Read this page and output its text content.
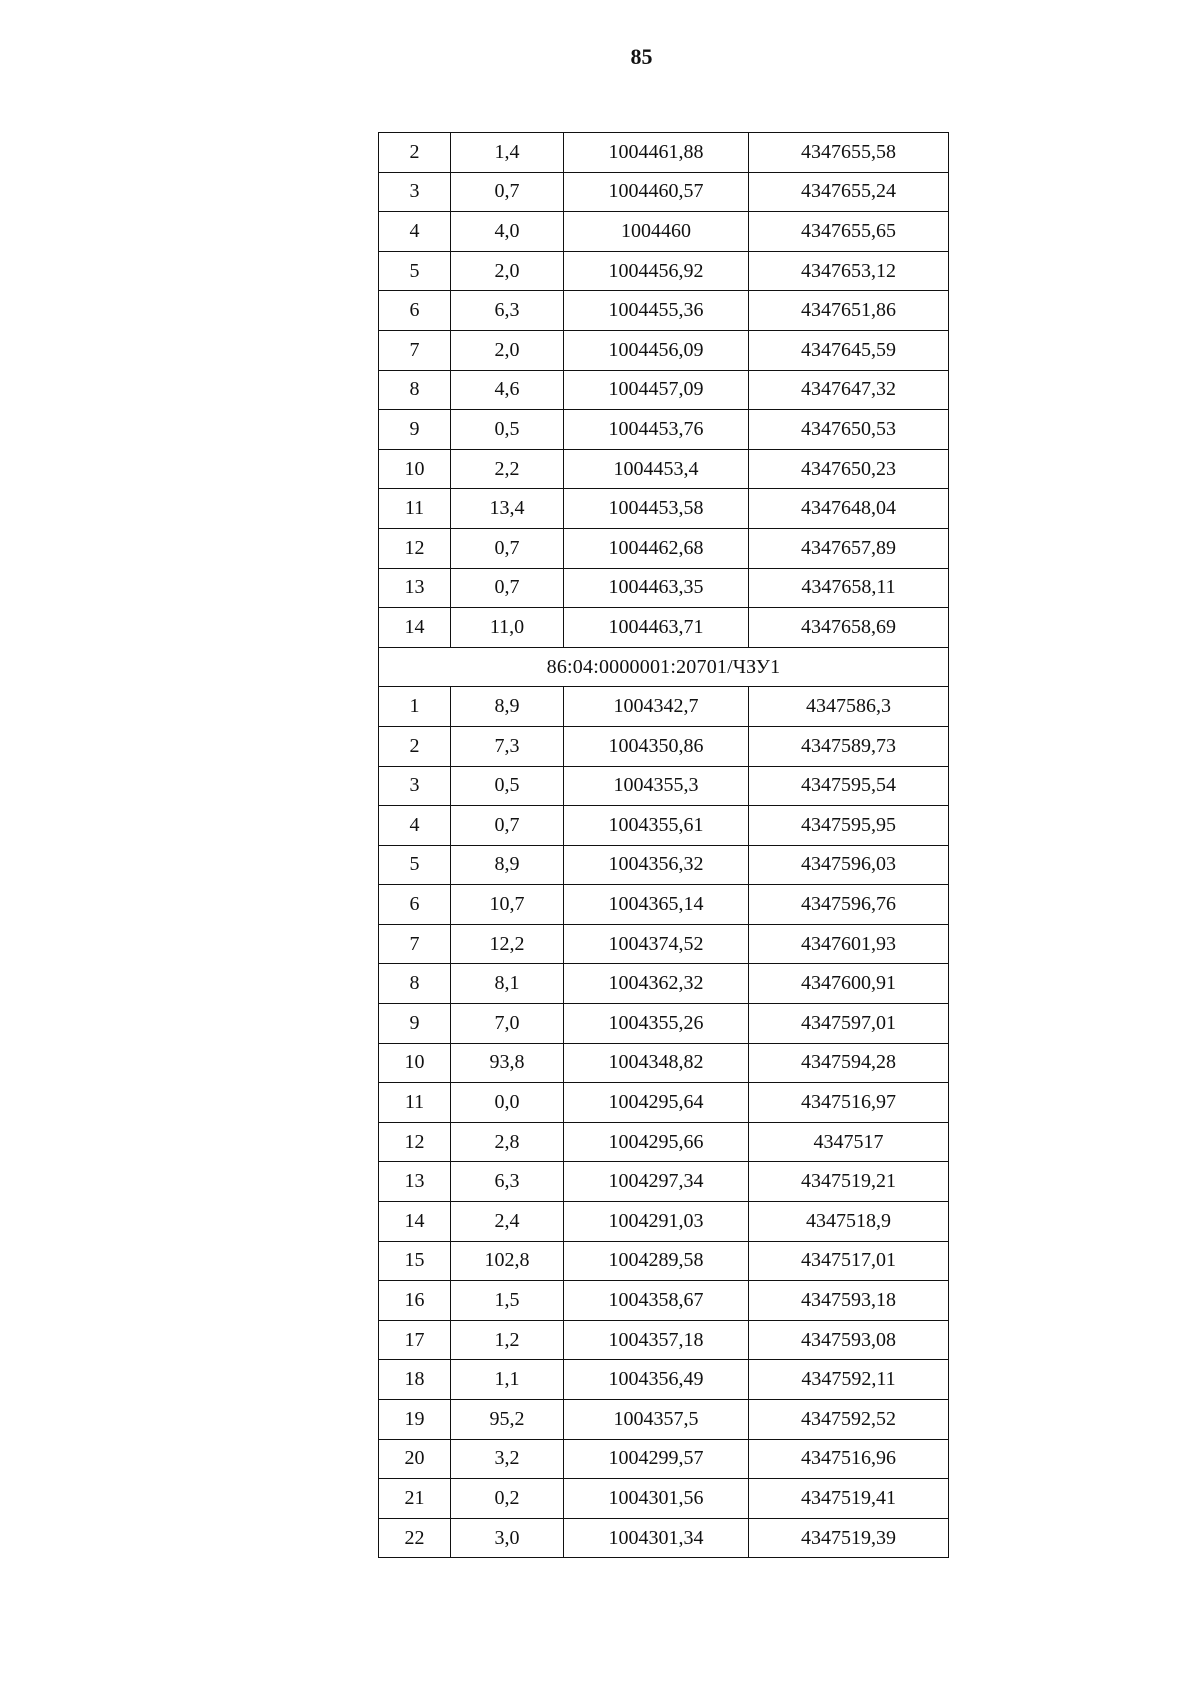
85
2	1,4	1004461,88	4347655,58
3	0,7	1004460,57	4347655,24
4	4,0	1004460	4347655,65
5	2,0	1004456,92	4347653,12
6	6,3	1004455,36	4347651,86
7	2,0	1004456,09	4347645,59
8	4,6	1004457,09	4347647,32
9	0,5	1004453,76	4347650,53
10	2,2	1004453,4	4347650,23
11	13,4	1004453,58	4347648,04
12	0,7	1004462,68	4347657,89
13	0,7	1004463,35	4347658,11
14	11,0	1004463,71	4347658,69
86:04:0000001:20701/ЧЗУ1			
1	8,9	1004342,7	4347586,3
2	7,3	1004350,86	4347589,73
3	0,5	1004355,3	4347595,54
4	0,7	1004355,61	4347595,95
5	8,9	1004356,32	4347596,03
6	10,7	1004365,14	4347596,76
7	12,2	1004374,52	4347601,93
8	8,1	1004362,32	4347600,91
9	7,0	1004355,26	4347597,01
10	93,8	1004348,82	4347594,28
11	0,0	1004295,64	4347516,97
12	2,8	1004295,66	4347517
13	6,3	1004297,34	4347519,21
14	2,4	1004291,03	4347518,9
15	102,8	1004289,58	4347517,01
16	1,5	1004358,67	4347593,18
17	1,2	1004357,18	4347593,08
18	1,1	1004356,49	4347592,11
19	95,2	1004357,5	4347592,52
20	3,2	1004299,57	4347516,96
21	0,2	1004301,56	4347519,41
22	3,0	1004301,34	4347519,39
